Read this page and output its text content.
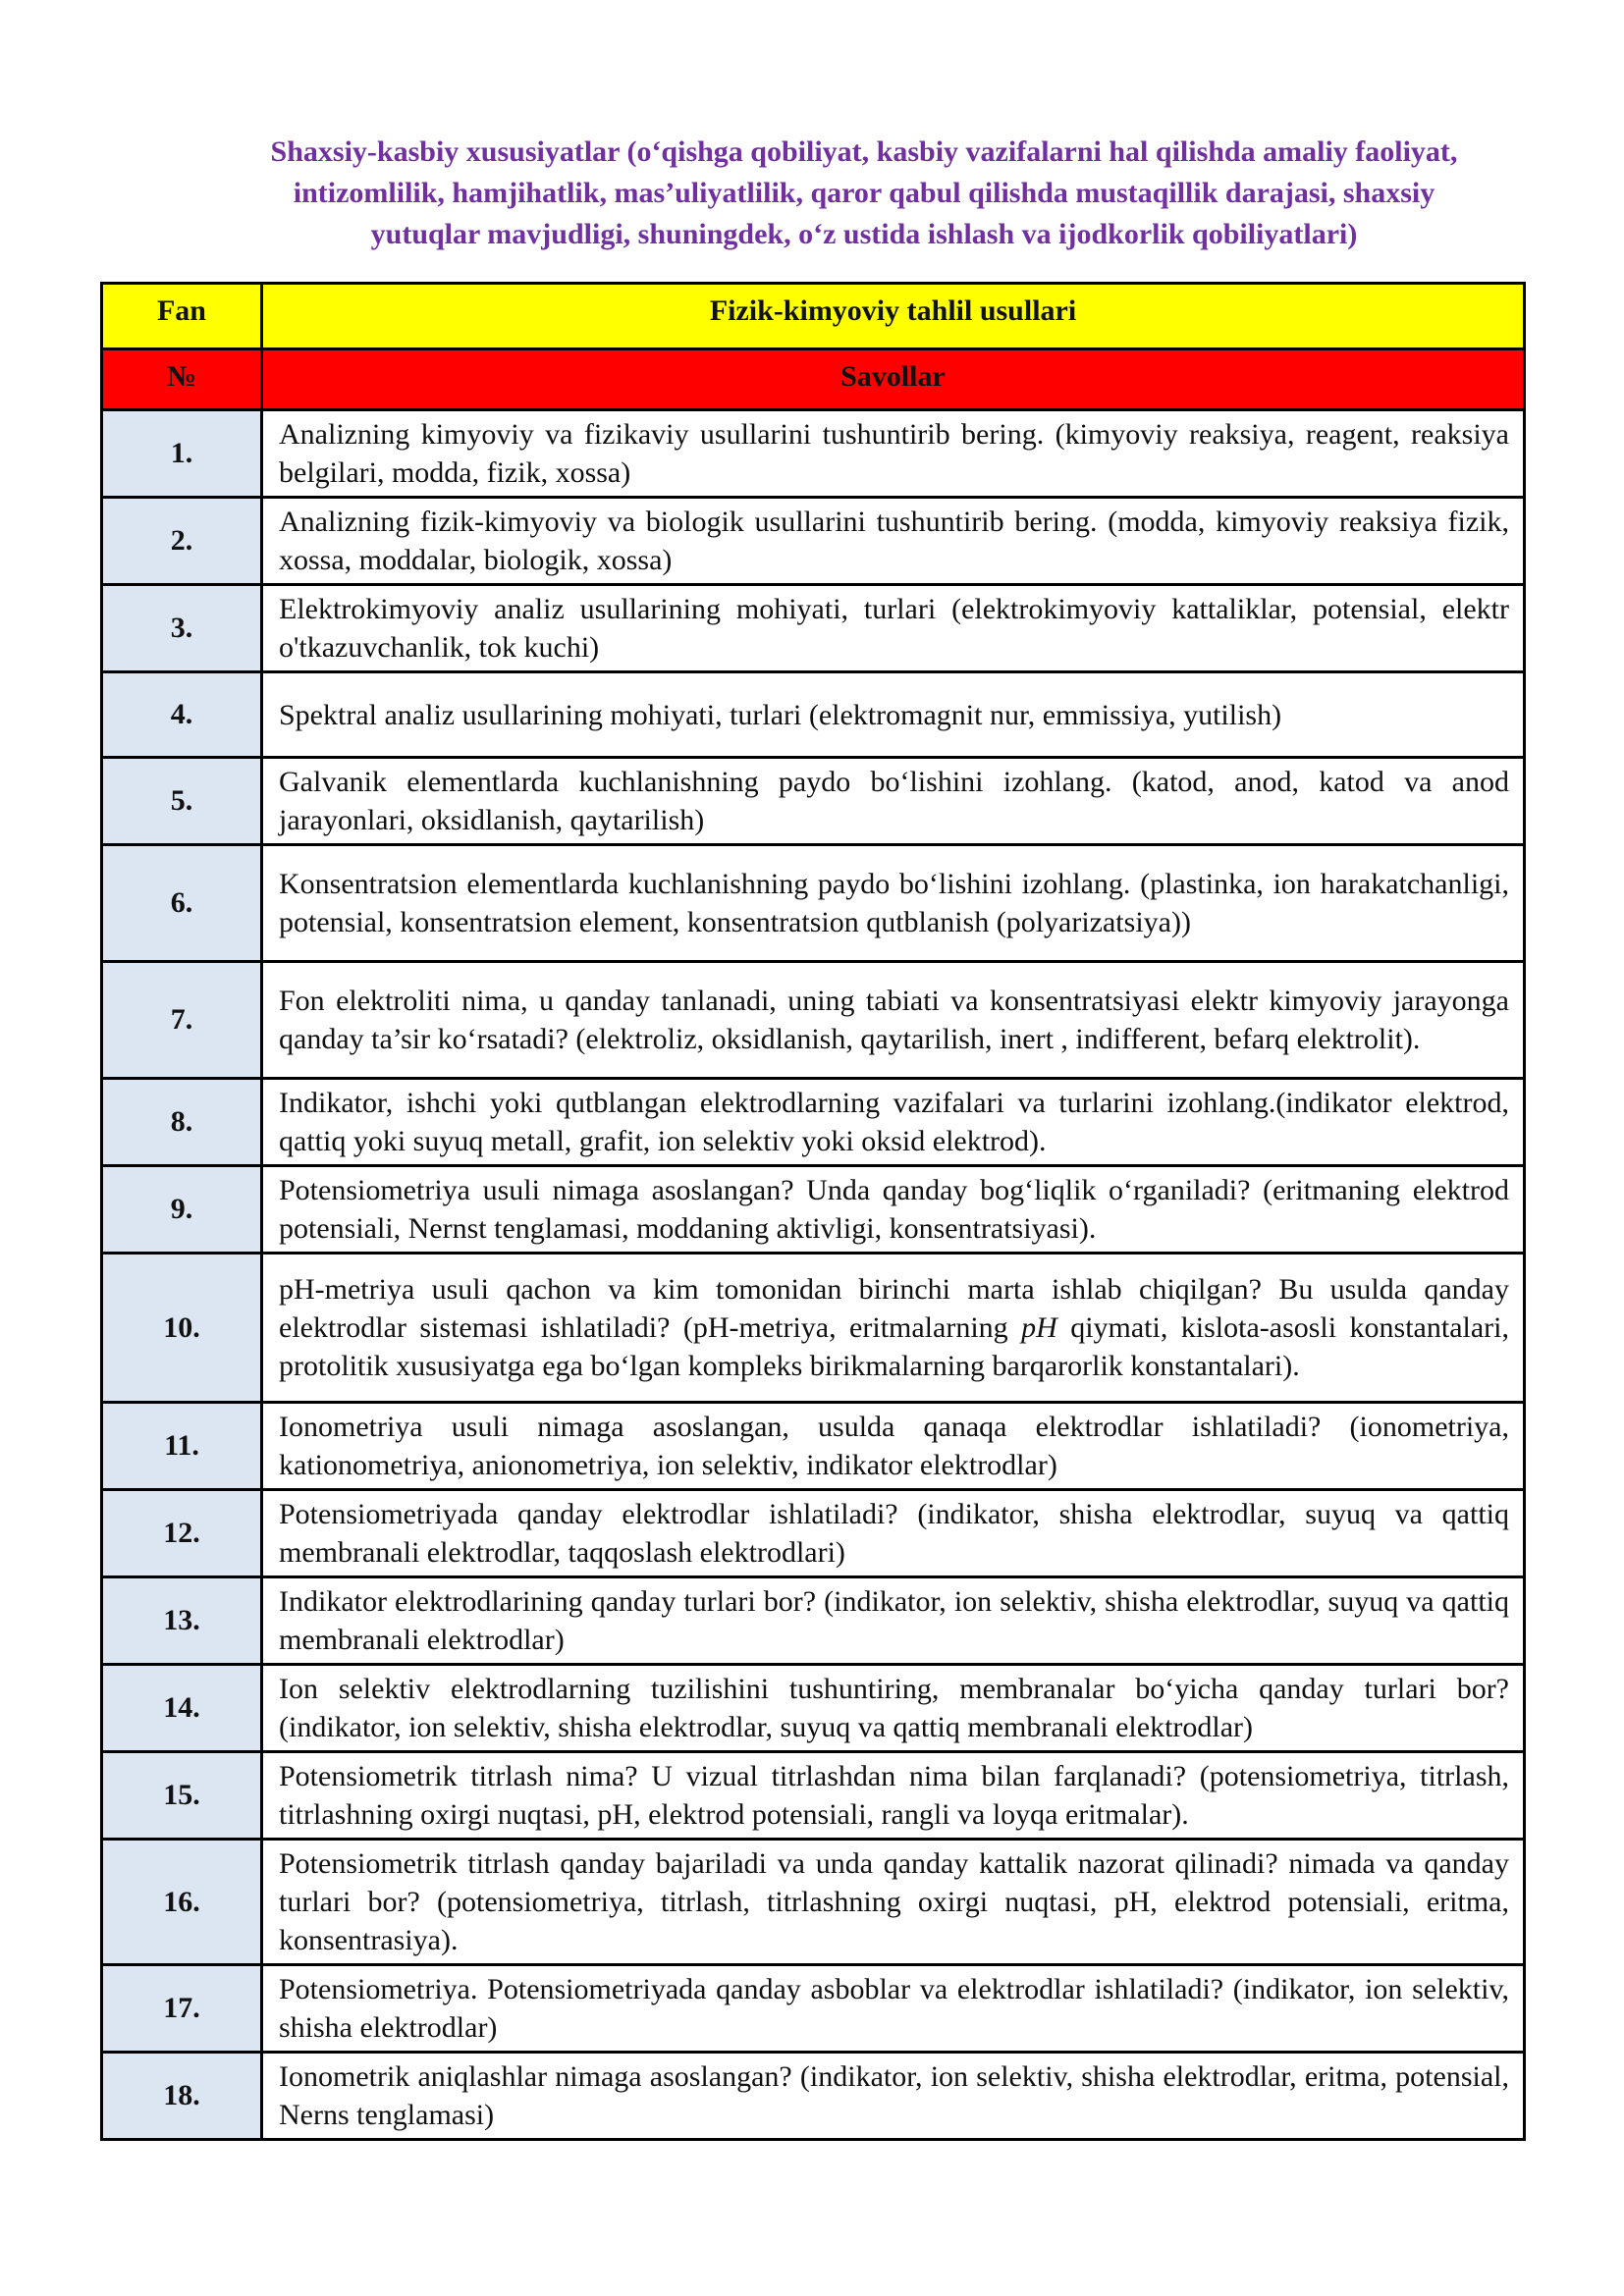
Shaxsiy-kasbiy xususiyatlar (oʻqishga qobiliyat, kasbiy vazifalarni hal qilishda amaliy faoliyat,
intizomlilik, hamjihatlik, mas’uliyatlilik, qaror qabul qilishda mustaqillik darajasi, shaxsiy
yutuqlar mavjudligi, shuningdek, oʻz ustida ishlash va ijodkorlik qobiliyatlari)
Fan	Fizik-kimyoviy tahlil usullari
№	Savollar
1.	Analizning kimyoviy va fizikaviy usullarini tushuntirib bering. (kimyoviy reaksiya, reagent, reaksiya belgilari, modda, fizik, xossa)
2.	Analizning fizik-kimyoviy va biologik usullarini tushuntirib bering. (modda, kimyoviy reaksiya fizik, xossa, moddalar, biologik, xossa)
3.	Elektrokimyoviy analiz usullarining mohiyati, turlari (elektrokimyoviy kattaliklar, potensial, elektr o'tkazuvchanlik, tok kuchi)
4.	Spektral analiz usullarining mohiyati, turlari (elektromagnit nur, emmissiya, yutilish)
5.	Galvanik elementlarda kuchlanishning paydo boʻlishini izohlang. (katod, anod, katod va anod jarayonlari, oksidlanish, qaytarilish)
6.	Konsentratsion elementlarda kuchlanishning paydo boʻlishini izohlang. (plastinka, ion harakatchanligi, potensial, konsentratsion element, konsentratsion qutblanish (polyarizatsiya))
7.	Fon elektroliti nima, u qanday tanlanadi, uning tabiati va konsentratsiyasi elektr kimyoviy jarayonga qanday ta’sir koʻrsatadi? (elektroliz, oksidlanish, qaytarilish, inert , indifferent, befarq elektrolit).
8.	Indikator, ishchi yoki qutblangan elektrodlarning vazifalari va turlarini izohlang.(indikator elektrod, qattiq yoki suyuq metall, grafit, ion selektiv yoki oksid elektrod).
9.	Potensiometriya usuli nimaga asoslangan? Unda qanday bogʻliqlik oʻrganiladi? (eritmaning elektrod potensiali, Nernst tenglamasi, moddaning aktivligi, konsentratsiyasi).
10.	pH-metriya usuli qachon va kim tomonidan birinchi marta ishlab chiqilgan? Bu usulda qanday elektrodlar sistemasi ishlatiladi? (pH-metriya, eritmalarning pH qiymati, kislota-asosli konstantalari, protolitik xususiyatga ega boʻlgan kompleks birikmalarning barqarorlik konstantalari).
11.	Ionometriya usuli nimaga asoslangan, usulda qanaqa elektrodlar ishlatiladi? (ionometriya, kationometriya, anionometriya, ion selektiv, indikator elektrodlar)
12.	Potensiometriyada qanday elektrodlar ishlatiladi? (indikator, shisha elektrodlar, suyuq va qattiq membranali elektrodlar, taqqoslash elektrodlari)
13.	Indikator elektrodlarining qanday turlari bor? (indikator, ion selektiv, shisha elektrodlar, suyuq va qattiq membranali elektrodlar)
14.	Ion selektiv elektrodlarning tuzilishini tushuntiring, membranalar boʻyicha qanday turlari bor? (indikator, ion selektiv, shisha elektrodlar, suyuq va qattiq membranali elektrodlar)
15.	Potensiometrik titrlash nima? U vizual titrlashdan nima bilan farqlanadi? (potensiometriya, titrlash, titrlashning oxirgi nuqtasi, pH, elektrod potensiali, rangli va loyqa eritmalar).
16.	Potensiometrik titrlash qanday bajariladi va unda qanday kattalik nazorat qilinadi? nimada va qanday turlari bor? (potensiometriya, titrlash, titrlashning oxirgi nuqtasi, pH, elektrod potensiali, eritma, konsentrasiya).
17.	Potensiometriya. Potensiometriyada qanday asboblar va elektrodlar ishlatiladi? (indikator, ion selektiv, shisha elektrodlar)
18.	Ionometrik aniqlashlar nimaga asoslangan? (indikator, ion selektiv, shisha elektrodlar, eritma, potensial, Nerns tenglamasi)
